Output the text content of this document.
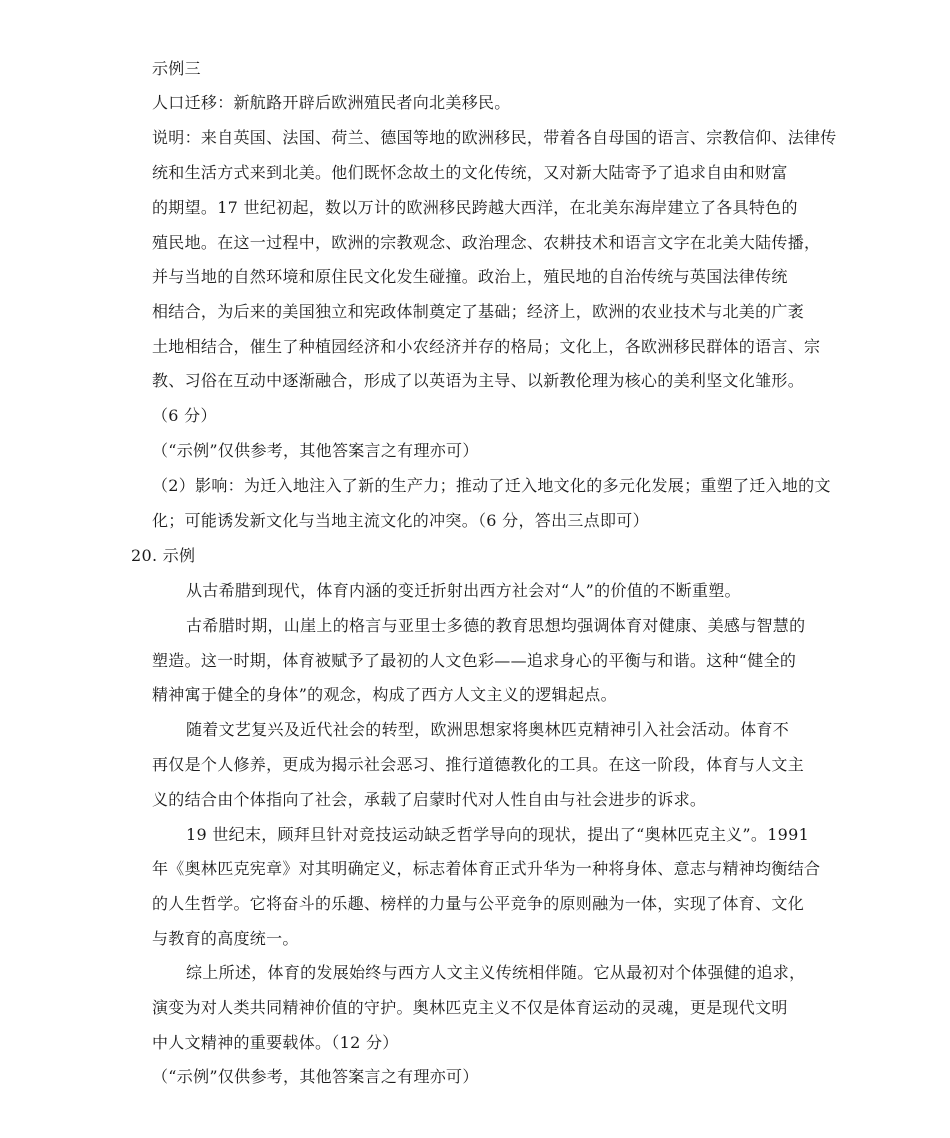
示例三
人口迁移：新航路开辟后欧洲殖民者向北美移民。
说明：来自英国、法国、荷兰、德国等地的欧洲移民，带着各自母国的语言、宗教信仰、法律传
统和生活方式来到北美。他们既怀念故土的文化传统，又对新大陆寄予了追求自由和财富
的期望。17 世纪初起，数以万计的欧洲移民跨越大西洋，在北美东海岸建立了各具特色的
殖民地。在这一过程中，欧洲的宗教观念、政治理念、农耕技术和语言文字在北美大陆传播，
并与当地的自然环境和原住民文化发生碰撞。政治上，殖民地的自治传统与英国法律传统
相结合，为后来的美国独立和宪政体制奠定了基础；经济上，欧洲的农业技术与北美的广袤
土地相结合，催生了种植园经济和小农经济并存的格局；文化上，各欧洲移民群体的语言、宗
教、习俗在互动中逐渐融合，形成了以英语为主导、以新教伦理为核心的美利坚文化雏形。
（6 分）
（“示例”仅供参考，其他答案言之有理亦可）
（2）影响：为迁入地注入了新的生产力；推动了迁入地文化的多元化发展；重塑了迁入地的文
化；可能诱发新文化与当地主流文化的冲突。（6 分，答出三点即可）
20. 示例
从古希腊到现代，体育内涵的变迁折射出西方社会对“人”的价值的不断重塑。
古希腊时期，山崖上的格言与亚里士多德的教育思想均强调体育对健康、美感与智慧的
塑造。这一时期，体育被赋予了最初的人文色彩——追求身心的平衡与和谐。这种“健全的
精神寓于健全的身体”的观念，构成了西方人文主义的逻辑起点。
随着文艺复兴及近代社会的转型，欧洲思想家将奥林匹克精神引入社会活动。体育不
再仅是个人修养，更成为揭示社会恶习、推行道德教化的工具。在这一阶段，体育与人文主
义的结合由个体指向了社会，承载了启蒙时代对人性自由与社会进步的诉求。
19 世纪末，顾拜旦针对竞技运动缺乏哲学导向的现状，提出了“奥林匹克主义”。1991
年《奥林匹克宪章》对其明确定义，标志着体育正式升华为一种将身体、意志与精神均衡结合
的人生哲学。它将奋斗的乐趣、榜样的力量与公平竞争的原则融为一体，实现了体育、文化
与教育的高度统一。
综上所述，体育的发展始终与西方人文主义传统相伴随。它从最初对个体强健的追求，
演变为对人类共同精神价值的守护。奥林匹克主义不仅是体育运动的灵魂，更是现代文明
中人文精神的重要载体。（12 分）
（“示例”仅供参考，其他答案言之有理亦可）
